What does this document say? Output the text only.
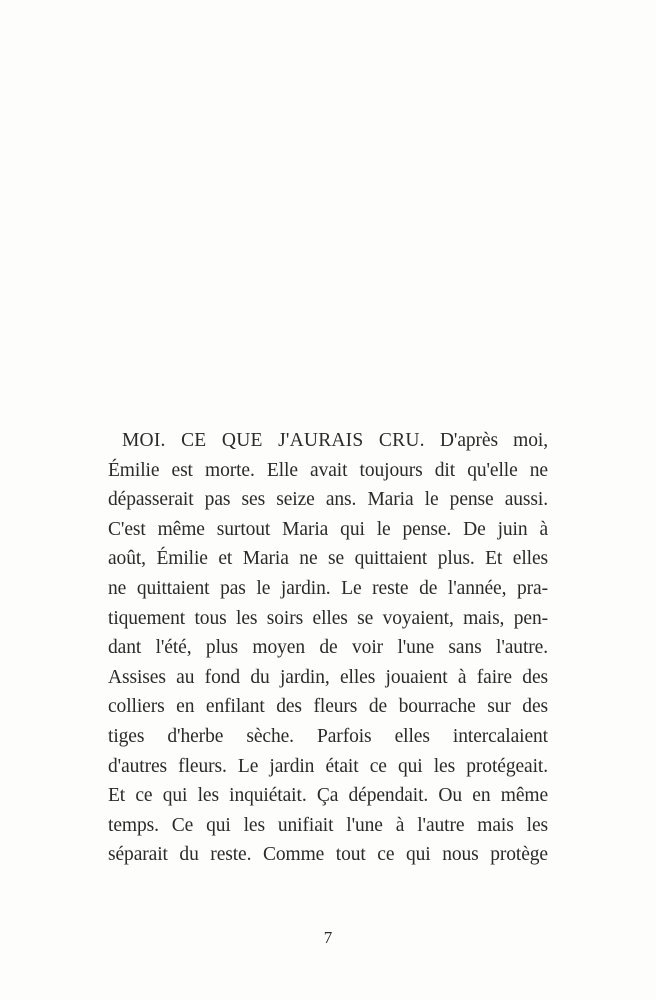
MOI. CE QUE J'AURAIS CRU. D'après moi,
Émilie est morte. Elle avait toujours dit qu'elle ne
dépasserait pas ses seize ans. Maria le pense aussi.
C'est même surtout Maria qui le pense. De juin à
août, Émilie et Maria ne se quittaient plus. Et elles
ne quittaient pas le jardin. Le reste de l'année, pra-
tiquement tous les soirs elles se voyaient, mais, pen-
dant l'été, plus moyen de voir l'une sans l'autre.
Assises au fond du jardin, elles jouaient à faire des
colliers en enfilant des fleurs de bourrache sur des
tiges d'herbe sèche. Parfois elles intercalaient
d'autres fleurs. Le jardin était ce qui les protégeait.
Et ce qui les inquiétait. Ça dépendait. Ou en même
temps. Ce qui les unifiait l'une à l'autre mais les
séparait du reste. Comme tout ce qui nous protège
7
